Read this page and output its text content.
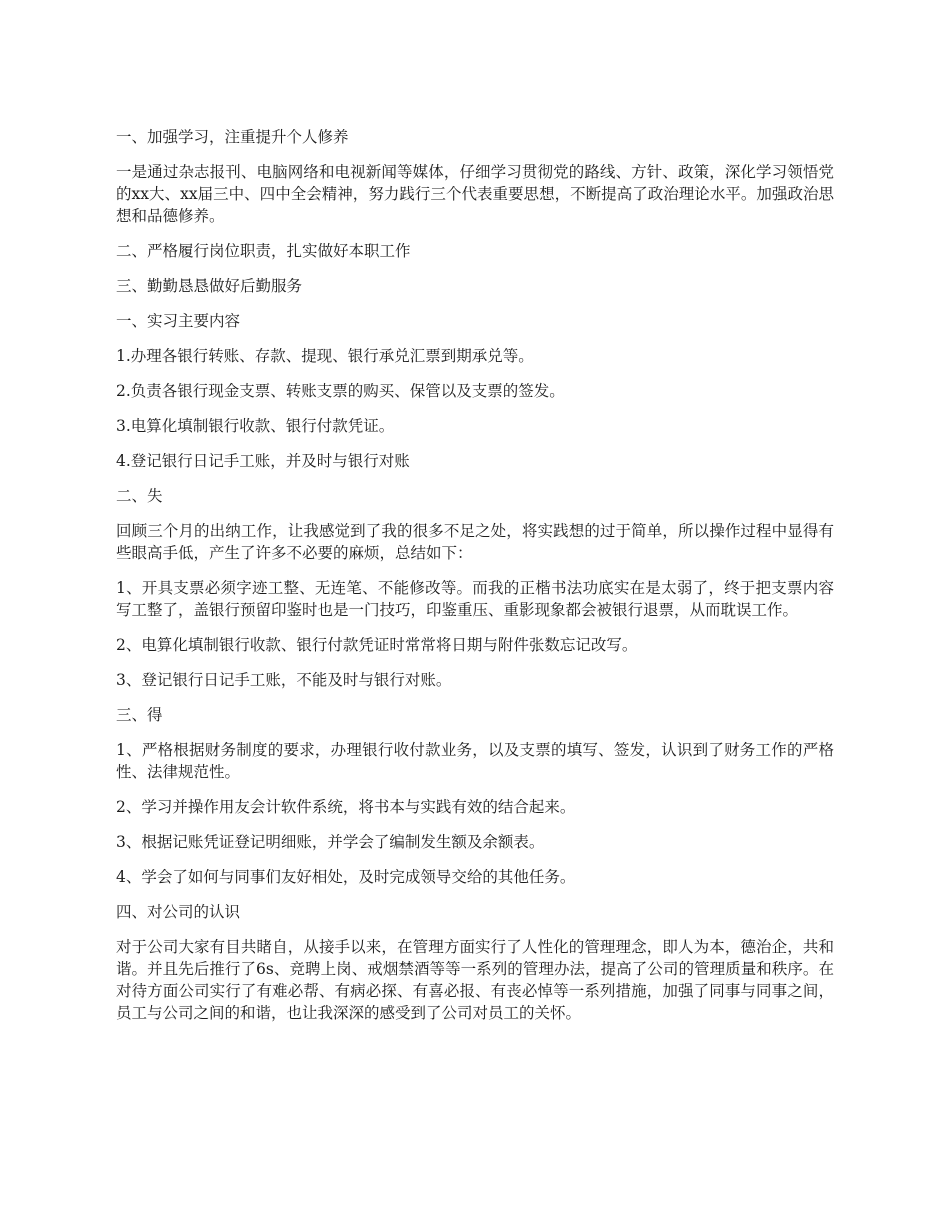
一、加强学习，注重提升个人修养

一是通过杂志报刊、电脑网络和电视新闻等媒体，仔细学习贯彻党的路线、方针、政策，深化学习领悟党的xx大、xx届三中、四中全会精神，努力践行三个代表重要思想，不断提高了政治理论水平。加强政治思想和品德修养。

二、严格履行岗位职责，扎实做好本职工作

三、勤勤恳恳做好后勤服务

一、实习主要内容

1.办理各银行转账、存款、提现、银行承兑汇票到期承兑等。

2.负责各银行现金支票、转账支票的购买、保管以及支票的签发。

3.电算化填制银行收款、银行付款凭证。

4.登记银行日记手工账，并及时与银行对账

二、失

回顾三个月的出纳工作，让我感觉到了我的很多不足之处，将实践想的过于简单，所以操作过程中显得有些眼高手低，产生了许多不必要的麻烦，总结如下：

1、开具支票必须字迹工整、无连笔、不能修改等。而我的正楷书法功底实在是太弱了，终于把支票内容写工整了，盖银行预留印鉴时也是一门技巧，印鉴重压、重影现象都会被银行退票，从而耽误工作。

2、电算化填制银行收款、银行付款凭证时常常将日期与附件张数忘记改写。

3、登记银行日记手工账，不能及时与银行对账。

三、得

1、严格根据财务制度的要求，办理银行收付款业务，以及支票的填写、签发，认识到了财务工作的严格性、法律规范性。

2、学习并操作用友会计软件系统，将书本与实践有效的结合起来。

3、根据记账凭证登记明细账，并学会了编制发生额及余额表。

4、学会了如何与同事们友好相处，及时完成领导交给的其他任务。

四、对公司的认识

对于公司大家有目共睹自，从接手以来，在管理方面实行了人性化的管理理念，即人为本，德治企，共和谐。并且先后推行了6s、竞聘上岗、戒烟禁酒等等一系列的管理办法，提高了公司的管理质量和秩序。在对待方面公司实行了有难必帮、有病必探、有喜必报、有丧必悼等一系列措施，加强了同事与同事之间，员工与公司之间的和谐，也让我深深的感受到了公司对员工的关怀。
